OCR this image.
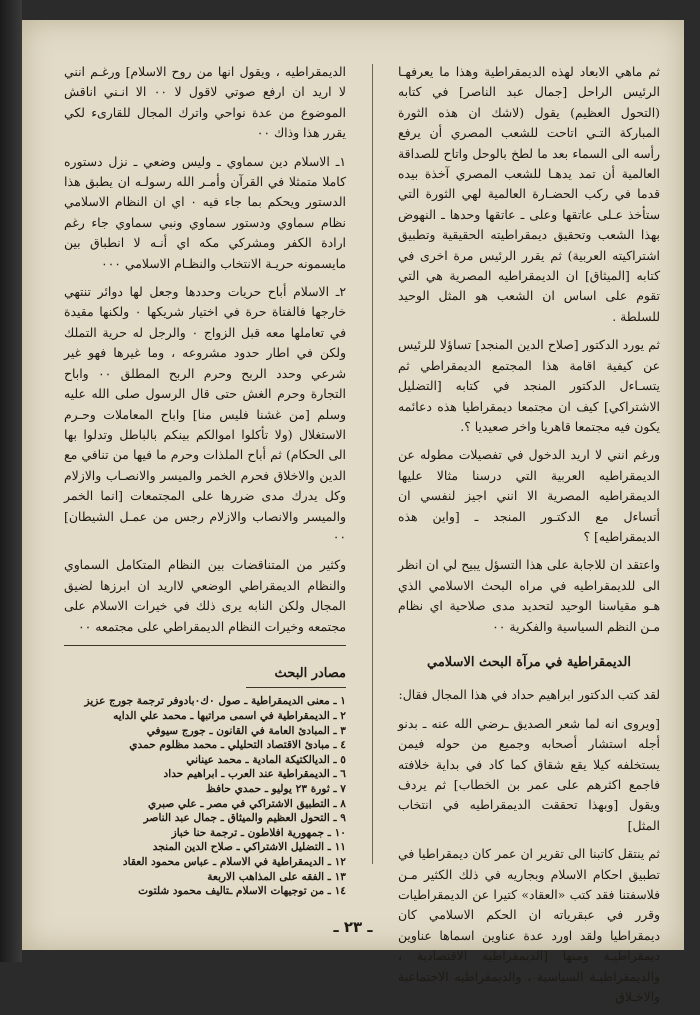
ثم ماهي الابعاد لهذه الديمقراطية وهذا ما يعرفهـا الرئيس الراحل [جمال عبد الناصر] في كتابه (التحول العظيم) يقول (لاشك ان هذه الثورة المباركة التـي اتاحت للشعب المصري أن يرفع رأسه الى السماء بعد ما لطخ بالوحل واتاح للصداقة العالمية أن تمد يدهـا للشعب المصري آخذة بيده قدما في ركب الحضـارة العالمية لهي الثورة التي ستأخذ عـلى عاتقها وعلى ـ عاتقها وحدها ـ النهوض بهذا الشعب وتحقيق ديمقراطيته الحقيقية وتطبيق اشتراكيته العربية) ثم يقرر الرئيس مرة اخرى في كتابه [الميثاق] ان الديمقراطيه المصرية هي التي تقوم على اساس ان الشعب هو المثل الوحيد للسلطة .

ثم يورد الدكتور [صلاح الدين المنجد] تساؤلا للرئيس عن كيفية اقامة هذا المجتمع الديمقراطي ثم يتسـاءل الدكتور المنجد في كتابه [التضليل الاشتراكي] كيف ان مجتمعا ديمقراطيا هذه دعائمه يكون فيه مجتمعا قاهريا واخر صعيديا ؟.

ورغم انني لا اريد الدخول في تفصيلات مطوله عن الديمقراطيه العربية التي درسنا مثالا عليها الديمقراطيه المصرية الا انني اجيز لنفسي ان أتساءل مع الدكتـور المنجد ـ [واين هذه الديمقراطيه] ؟

واعتقد ان للاجابة على هذا التسؤل يبيح لي ان انظر الى للديمقراطيه في مراه البحث الاسلامي الذي هـو مقياسنا الوحيد لتحديد مدى صلاحية اي نظام مـن النظم السياسية والفكرية ٠٠

الديمقراطية في مرآة البحث الاسلامي

لقد كتب الدكتور ابراهيم حداد في هذا المجال فقال:

[ويروى انه لما شعر الصديق ـرضي الله عنه ـ بدنو أجله استشار أصحابه وجميع من حوله فيمن يستخلفه كيلا يقع شقاق كما كاد في بداية خلافته فاجمع اكثرهم على عمر بن الخطاب] ثم يردف ويقول [وبهذا تحققت الديمقراطيه في انتخاب المثل]

ثم ينتقل كاتبنا الى تقرير ان عمر كان ديمقراطيا في تطبيق احكام الاسلام وبجاريه في ذلك الكثير مـن فلاسفتنا فقد كتب «العقاد» كتيرا عن الديمقراطيات وقرر في عبقرياته ان الحكم الاسلامي كان ديمقراطيا ولقد اورد عدة عناوين اسماها عناوين ديمقراطيـة ومنها [الديمقراطية الاقتصادية ، والديمقراطيـة السياسية ، والديمقراطيه الاجتماعية والاخـلاق

الديمقراطيه ، ويقول انها من روح الاسلام] ورغـم انني لا اريد ان ارفع صوتي لاقول لا ٠٠ الا انـني اناقش الموضوع من عدة نواحي واترك المجال للقارىء لكي يقرر هذا وذاك ٠٠

١ـ الاسلام دين سماوي ـ وليس وضعي ـ نزل دستوره كاملا متمثلا في القرآن وأمـر الله رسولـه ان يطبق هذا الدستور ويحكم بما جاء فيه ٠ اي ان النظام الاسلامي نظام سماوي ودستور سماوي ونبي سماوي جاء رغم ارادة الكفر ومشركي مكه اي أنـه لا انطباق بين مايسمونه حريـة الانتخاب والنظـام الاسلامي ٠٠٠

٢ـ الاسلام أباح حريات وحددها وجعل لها دوائر تنتهي خارجها فالفتاة حرة في اختيار شريكها ٠ ولكنها مقيدة في تعاملها معه قبل الزواج ٠ والرجل له حرية التملك ولكن في اطار حدود مشروعه ، وما غيرها فهو غير شرعي وحدد الربح وحرم الربح المطلق ٠٠ واباح التجارة وحرم الغش حتى قال الرسول صلى الله عليه وسلم [من غشنا فليس منا] واباح المعاملات وحـرم الاستغلال (ولا تأكلوا اموالكم بينكم بالباطل وتدلوا بها الى الحكام) ثم أباح الملذات وحرم ما فيها من تنافي مع الدين والاخلاق فحرم الخمر والميسر والانصـاب والازلام وكل يدرك مدى ضررها على المجتمعات [انما الخمر والميسر والانصاب والازلام رجس من عمـل الشيطان] ٠٠

وكثير من المتناقضات بين النظام المتكامل السماوي والنظام الديمقراطي الوضعي لااريد ان ابرزها لضيق المجال ولكن النابه يرى ذلك في خيرات الاسلام على مجتمعه وخيرات النظام الديمقراطي على مجتمعه ٠٠

مصادر البحث
١ ـ معنى الديمقراطية ـ صول ٠ك٠بادوفر ترجمة جورج عزيز
٢ ـ الديمقراطية في اسمى مراتبها ـ محمد علي الدايه
٣ ـ المبادئ العامة في القانون ـ جورج سيوفي
٤ ـ مبادئ الاقتصاد التحليلي ـ محمد مظلوم حمدي
٥ ـ الديالكتيكة المادية ـ محمد عيناني
٦ ـ الديمقراطية عند العرب ـ ابراهيم حداد
٧ ـ ثورة ٢٣ يوليو ـ حمدي حافظ
٨ ـ التطبيق الاشتراكي في مصر ـ علي صبري
٩ ـ التحول العظيم والميثاق ـ جمال عبد الناصر
١٠ ـ جمهورية افلاطون ـ ترجمة حنا خباز
١١ ـ التضليل الاشتراكي ـ صلاح الدين المنجد
١٢ ـ الديمقراطية في الاسلام ـ عباس محمود العقاد
١٣ ـ الفقه على المذاهب الاربعة
١٤ ـ من توجيهات الاسلام ـتاليف محمود شلتوت
ـ ٢٣ ـ
